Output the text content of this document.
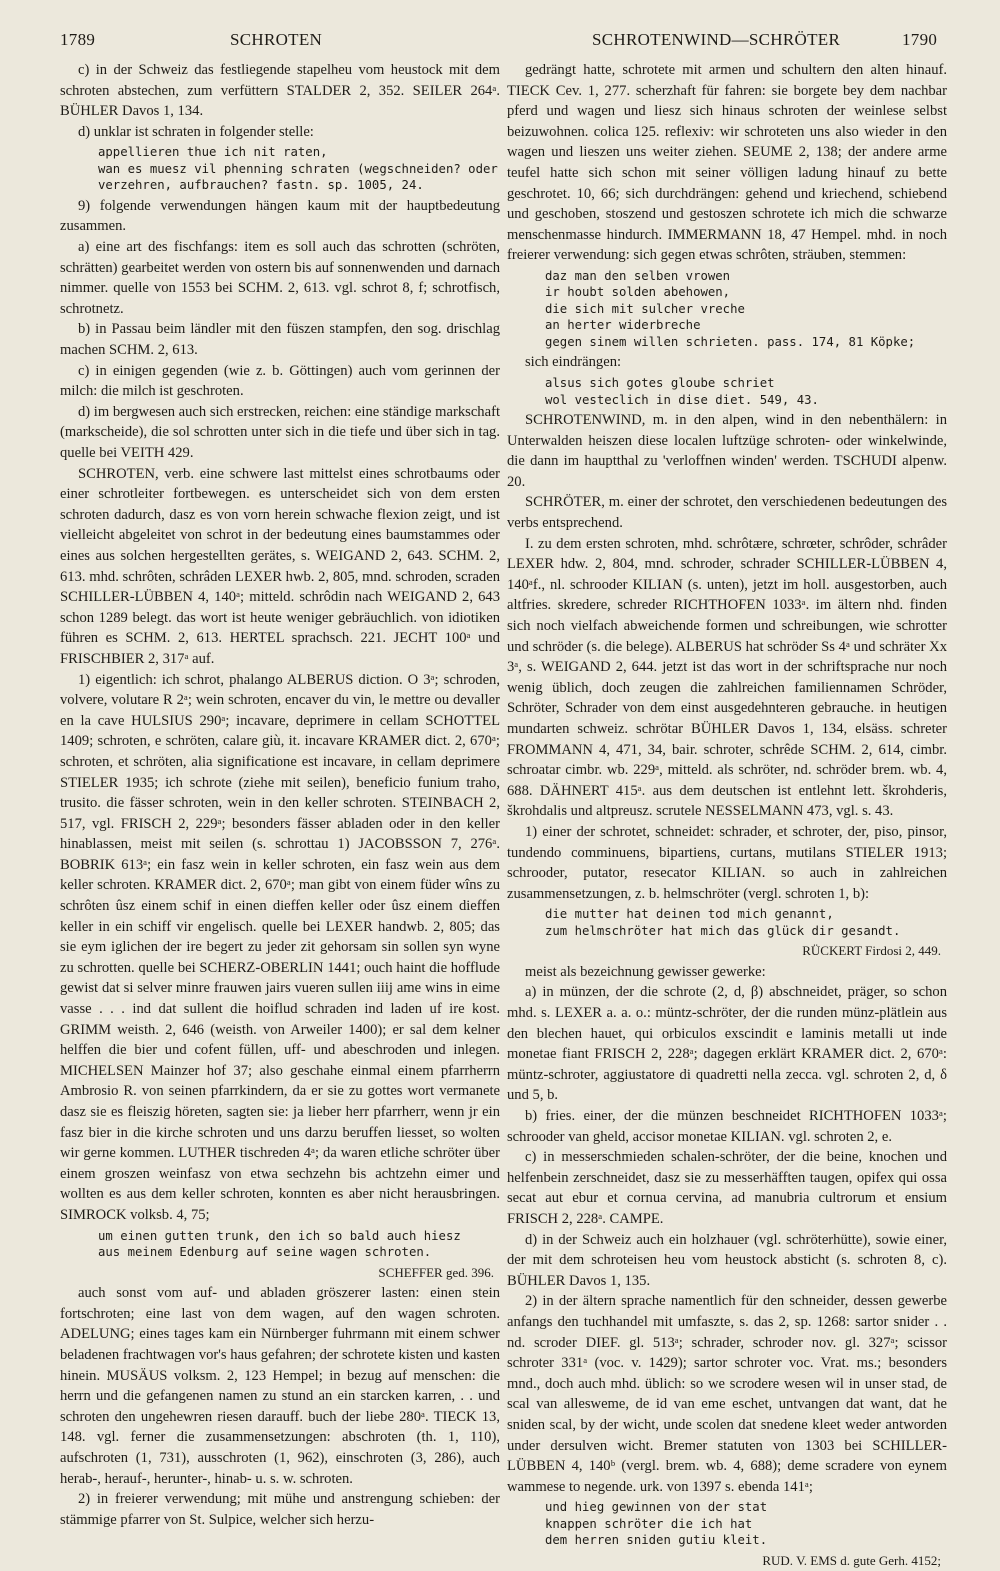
1789	SCHROTEN	SCHROTENWIND—SCHRÖTER	1790

c) in der Schweiz das festliegende stapelheu vom heustock mit dem schroten abstechen, zum verfüttern STALDER 2, 352. SEILER 264ᵃ. BÜHLER Davos 1, 134.

d) unklar ist schraten in folgender stelle:

appellieren thue ich nit raten,
wan es muesz vil phenning schraten (wegschneiden? oder verzehren, aufbrauchen? fastn. sp. 1005, 24.

9) folgende verwendungen hängen kaum mit der hauptbedeutung zusammen.

a) eine art des fischfangs: item es soll auch das schrotten (schröten, schrätten) gearbeitet werden von ostern bis auf sonnenwenden und darnach nimmer. quelle von 1553 bei SCHM. 2, 613. vgl. schrot 8, f; schrotfisch, schrotnetz.

b) in Passau beim ländler mit den füszen stampfen, den sog. drischlag machen SCHM. 2, 613.

c) in einigen gegenden (wie z. b. Göttingen) auch vom gerinnen der milch: die milch ist geschroten.

d) im bergwesen auch sich erstrecken, reichen: eine ständige markschaft (markscheide), die sol schrotten unter sich in die tiefe und über sich in tag. quelle bei VEITH 429.

SCHROTEN, verb. eine schwere last mittelst eines schrotbaums oder einer schrotleiter fortbewegen. es unterscheidet sich von dem ersten schroten dadurch, dasz es von vorn herein schwache flexion zeigt, und ist vielleicht abgeleitet von schrot in der bedeutung eines baumstammes oder eines aus solchen hergestellten gerätes, s. WEIGAND 2, 643. SCHM. 2, 613. mhd. schrôten, schrâden LEXER hwb. 2, 805, mnd. schroden, scraden SCHILLER-LÜBBEN 4, 140ᵃ; mitteld. schrôdin nach WEIGAND 2, 643 schon 1289 belegt. das wort ist heute weniger gebräuchlich. von idiotiken führen es SCHM. 2, 613. HERTEL sprachsch. 221. JECHT 100ᵃ und FRISCHBIER 2, 317ᵃ auf.

1) eigentlich: ich schrot, phalango ALBERUS diction. O 3ᵃ; schroden, volvere, volutare R 2ᵃ; wein schroten, encaver du vin, le mettre ou devaller en la cave HULSIUS 290ᵃ; incavare, deprimere in cellam SCHOTTEL 1409; schroten, e schröten, calare giù, it. incavare KRAMER dict. 2, 670ᵃ; schroten, et schröten, alia significatione est incavare, in cellam deprimere STIELER 1935; ich schrote (ziehe mit seilen), beneficio funium traho, trusito. die fässer schroten, wein in den keller schroten. STEINBACH 2, 517, vgl. FRISCH 2, 229ᵃ; besonders fässer abladen oder in den keller hinablassen, meist mit seilen (s. schrottau 1) JACOBSSON 7, 276ᵃ. BOBRIK 613ᵃ; ein fasz wein in keller schroten, ein fasz wein aus dem keller schroten. KRAMER dict. 2, 670ᵃ; man gibt von einem füder wîns zu schrôten ûsz einem schif in einen dieffen keller oder ûsz einem dieffen keller in ein schiff vir engelisch. quelle bei LEXER handwb. 2, 805; das sie eym iglichen der ire begert zu jeder zit gehorsam sin sollen syn wyne zu schrotten. quelle bei SCHERZ-OBERLIN 1441; ouch haint die hofflude gewist dat si selver minre frauwen jairs vueren sullen iiij ame wins in eime vasse . . . ind dat sullent die hoiflud schraden ind laden uf ire kost. GRIMM weisth. 2, 646 (weisth. von Arweiler 1400); er sal dem kelner helffen die bier und cofent füllen, uff- und abeschroden und inlegen. MICHELSEN Mainzer hof 37; also geschahe einmal einem pfarrherrn Ambrosio R. von seinen pfarrkindern, da er sie zu gottes wort vermanete dasz sie es fleiszig höreten, sagten sie: ja lieber herr pfarrherr, wenn jr ein fasz bier in die kirche schroten und uns darzu beruffen liesset, so wolten wir gerne kommen. LUTHER tischreden 4ᵃ; da waren etliche schröter über einem groszen weinfasz von etwa sechzehn bis achtzehn eimer und wollten es aus dem keller schroten, konnten es aber nicht herausbringen. SIMROCK volksb. 4, 75;

um einen gutten trunk, den ich so bald auch hiesz
aus meinem Edenburg auf seine wagen schroten.
SCHEFFER ged. 396.

auch sonst vom auf- und abladen gröszerer lasten: einen stein fortschroten; eine last von dem wagen, auf den wagen schroten. ADELUNG; eines tages kam ein Nürnberger fuhrmann mit einem schwer beladenen frachtwagen vor's haus gefahren; der schrotete kisten und kasten hinein. MUSÄUS volksm. 2, 123 Hempel; in bezug auf menschen: die herrn und die gefangenen namen zu stund an ein starcken karren, . . und schroten den ungehewren riesen darauff. buch der liebe 280ᵃ. TIECK 13, 148. vgl. ferner die zusammensetzungen: abschroten (th. 1, 110), aufschroten (1, 731), ausschroten (1, 962), einschroten (3, 286), auch herab-, herauf-, herunter-, hinab- u. s. w. schroten.

2) in freierer verwendung; mit mühe und anstrengung schieben: der stämmige pfarrer von St. Sulpice, welcher sich herzu-

gedrängt hatte, schrotete mit armen und schultern den alten hinauf. TIECK Cev. 1, 277. scherzhaft für fahren: sie borgete bey dem nachbar pferd und wagen und liesz sich hinaus schroten der weinlese selbst beizuwohnen. colica 125. reflexiv: wir schroteten uns also wieder in den wagen und lieszen uns weiter ziehen. SEUME 2, 138; der andere arme teufel hatte sich schon mit seiner völligen ladung hinauf zu bette geschrotet. 10, 66; sich durchdrängen: gehend und kriechend, schiebend und geschoben, stoszend und gestoszen schrotete ich mich die schwarze menschenmasse hindurch. IMMERMANN 18, 47 Hempel. mhd. in noch freierer verwendung: sich gegen etwas schrôten, sträuben, stemmen:

daz man den selben vrowen
ir houbt solden abehowen,
die sich mit sulcher vreche
an herter widerbreche
gegen sinem willen schrieten. pass. 174, 81 Köpke;

sich eindrängen:

alsus sich gotes gloube schriet
wol vesteclich in dise diet. 549, 43.

SCHROTENWIND, m. in den alpen, wind in den nebenthälern: in Unterwalden heiszen diese localen luftzüge schroten- oder winkelwinde, die dann im hauptthal zu 'verloffnen winden' werden. TSCHUDI alpenw. 20.

SCHRÖTER, m. einer der schrotet, den verschiedenen bedeutungen des verbs entsprechend.

I. zu dem ersten schroten, mhd. schrôtære, schrœter, schrôder, schrâder LEXER hdw. 2, 804, mnd. schroder, schrader SCHILLER-LÜBBEN 4, 140ᵃf., nl. schrooder KILIAN (s. unten), jetzt im holl. ausgestorben, auch altfries. skredere, schreder RICHTHOFEN 1033ᵃ. im ältern nhd. finden sich noch vielfach abweichende formen und schreibungen, wie schrotter und schröder (s. die belege). ALBERUS hat schröder Ss 4ᵃ und schräter Xx 3ᵃ, s. WEIGAND 2, 644. jetzt ist das wort in der schriftsprache nur noch wenig üblich, doch zeugen die zahlreichen familiennamen Schröder, Schröter, Schrader von dem einst ausgedehnteren gebrauche. in heutigen mundarten schweiz. schrötar BÜHLER Davos 1, 134, elsäss. schreter FROMMANN 4, 471, 34, bair. schroter, schrêde SCHM. 2, 614, cimbr. schroatar cimbr. wb. 229ᵃ, mitteld. als schröter, nd. schröder brem. wb. 4, 688. DÄHNERT 415ᵃ. aus dem deutschen ist entlehnt lett. škrohderis, škrohdalis und altpreusz. scrutele NESSELMANN 473, vgl. s. 43.

1) einer der schrotet, schneidet: schrader, et schroter, der, piso, pinsor, tundendo comminuens, bipartiens, curtans, mutilans STIELER 1913; schrooder, putator, resecator KILIAN. so auch in zahlreichen zusammensetzungen, z. b. helmschröter (vergl. schroten 1, b):

die mutter hat deinen tod mich genannt,
zum helmschröter hat mich das glück dir gesandt.
RÜCKERT Firdosi 2, 449.

meist als bezeichnung gewisser gewerke:

a) in münzen, der die schrote (2, d, β) abschneidet, präger, so schon mhd. s. LEXER a. a. o.: müntz-schröter, der die runden münz-plätlein aus den blechen hauet, qui orbiculos exscindit e laminis metalli ut inde monetae fiant FRISCH 2, 228ᵃ; dagegen erklärt KRAMER dict. 2, 670ᵃ: müntz-schroter, aggiustatore di quadretti nella zecca. vgl. schroten 2, d, δ und 5, b.

b) fries. einer, der die münzen beschneidet RICHTHOFEN 1033ᵃ; schrooder van gheld, accisor monetae KILIAN. vgl. schroten 2, e.

c) in messerschmieden schalen-schröter, der die beine, knochen und helfenbein zerschneidet, dasz sie zu messerhäfften taugen, opifex qui ossa secat aut ebur et cornua cervina, ad manubria cultrorum et ensium FRISCH 2, 228ᵃ. CAMPE.

d) in der Schweiz auch ein holzhauer (vgl. schröterhütte), sowie einer, der mit dem schroteisen heu vom heustock absticht (s. schroten 8, c). BÜHLER Davos 1, 135.

2) in der ältern sprache namentlich für den schneider, dessen gewerbe anfangs den tuchhandel mit umfaszte, s. das 2, sp. 1268: sartor snider . . nd. scroder DIEF. gl. 513ᵃ; schrader, schroder nov. gl. 327ᵃ; scissor schroter 331ᵃ (voc. v. 1429); sartor schroter voc. Vrat. ms.; besonders mnd., doch auch mhd. üblich: so we scrodere wesen wil in unser stad, de scal van allesweme, de id van eme eschet, untvangen dat want, dat he sniden scal, by der wicht, unde scolen dat snedene kleet weder antworden under dersulven wicht. Bremer statuten von 1303 bei SCHILLER-LÜBBEN 4, 140ᵇ (vergl. brem. wb. 4, 688); deme scradere von eynem wammese to negende. urk. von 1397 s. ebenda 141ᵃ;

und hieg gewinnen von der stat
knappen schröter die ich hat
dem herren sniden gutiu kleit.
RUD. V. EMS d. gute Gerh. 4152;
